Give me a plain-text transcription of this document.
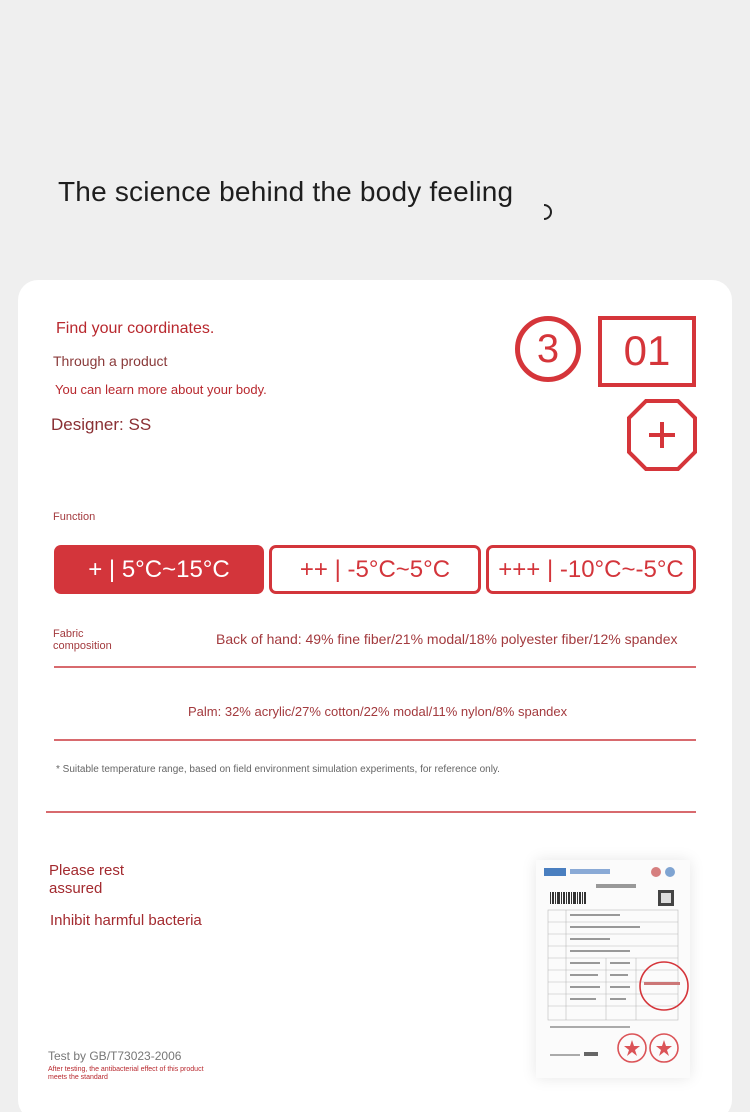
The science behind the body feeling
Find your coordinates.
Through a product
You can learn more about your body.
Designer: SS
3	01
Function
+ | 5°C~15°C	++ | -5°C~5°C	+++ | -10°C~-5°C
Fabric composition	Back of hand: 49% fine fiber/21% modal/18% polyester fiber/12% spandex
Palm: 32% acrylic/27% cotton/22% modal/11% nylon/8% spandex
* Suitable temperature range, based on field environment simulation experiments, for reference only.
Please rest assured
Inhibit harmful bacteria
Test by GB/T73023-2006
After testing, the antibacterial effect of this product meets the standard
